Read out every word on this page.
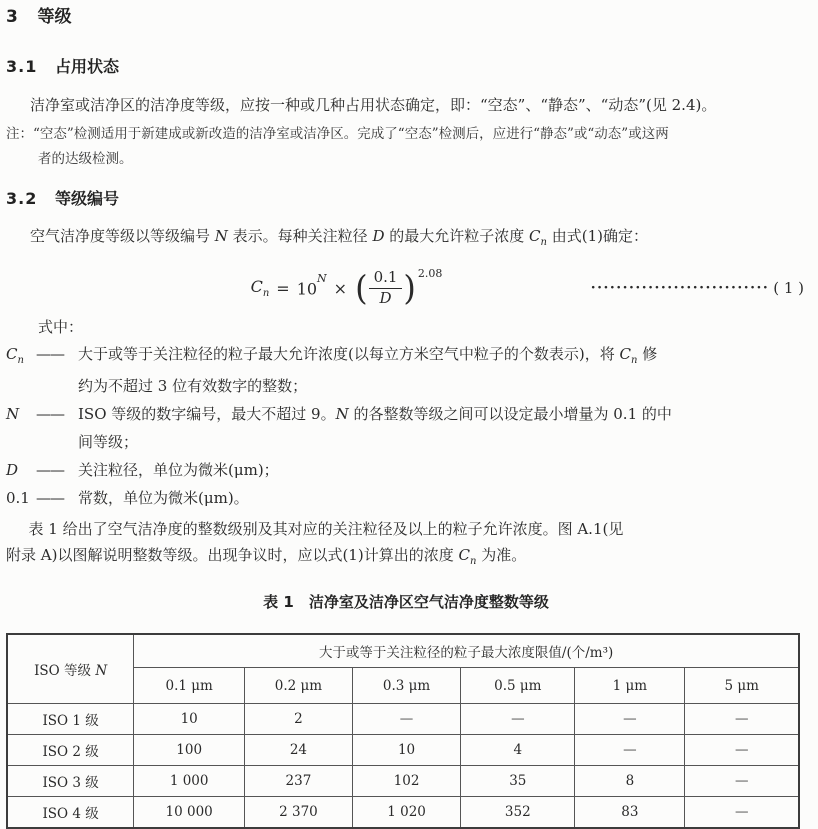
3 等级
3.1 占用状态
洁净室或洁净区的洁净度等级，应按一种或几种占用状态确定，即：“空态”、“静态”、“动态”(见 2.4)。
注：“空态”检测适用于新建成或新改造的洁净室或洁净区。完成了“空态”检测后，应进行“静态”或“动态”或这两
者的达级检测。
3.2 等级编号
空气洁净度等级以等级编号 N 表示。每种关注粒径 D 的最大允许粒子浓度 $C_n$ 由式(1)确定：
$C_n = 10^N$
× ( $\frac{0.1}{D} )^{2.08}$
···························· ( 1 )
式中：
$C_n$ —— 大于或等于关注粒径的粒子最大允许浓度(以每立方米空气中粒子的个数表示)，将 $C_n$ 修
约为不超过 3 位有效数字的整数；
N	—— ISO 等级的数字编号，最大不超过 9。N 的各整数等级之间可以设定最小增量为 0.1 的中
间等级；
D	—— 关注粒径，单位为微米(μm)；
0.1 —— 常数，单位为微米(μm)。
表 1 给出了空气洁净度的整数级别及其对应的关注粒径及以上的粒子允许浓度。图 A.1(见
附录 A)以图解说明整数等级。出现争议时，应以式(1)计算出的浓度 $C_n$ 为准。
表 1　洁净室及洁净区空气洁净度整数等级
ISO 等级 N	大于或等于关注粒径的粒子最大浓度限值/(个/m³)					
	0.1 μm	0.2 μm	0.3 μm	0.5 μm	1 μm	5 μm
ISO 1 级	10	2	—	—	—	—
ISO 2 级	100	24	10	4	—	—
ISO 3 级	1 000	237	102	35	8	—
ISO 4 级	10 000	2 370	1 020	352	83	—
